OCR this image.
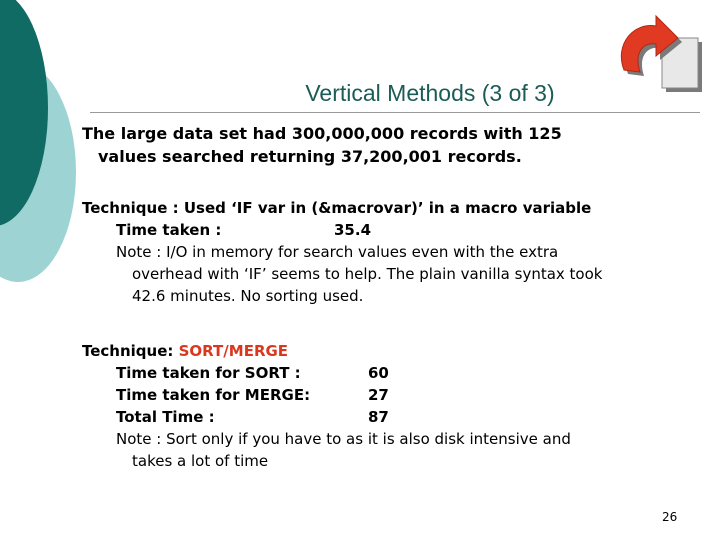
Vertical Methods (3 of 3)

The large data set had 300,000,000 records with 125
values searched returning 37,200,001 records.

Technique : Used ‘IF var in (&macrovar)’ in a macro variable
Time taken :	35.4
Note : I/O in memory for search values even with the extra
overhead with ‘IF’ seems to help. The plain vanilla syntax took
42.6 minutes. No sorting used.
Technique: SORT/MERGE
Time taken for SORT :	60
Time taken for MERGE:	27
Total Time :	87
Note : Sort only if you have to as it is also disk intensive and
takes a lot of time
26
